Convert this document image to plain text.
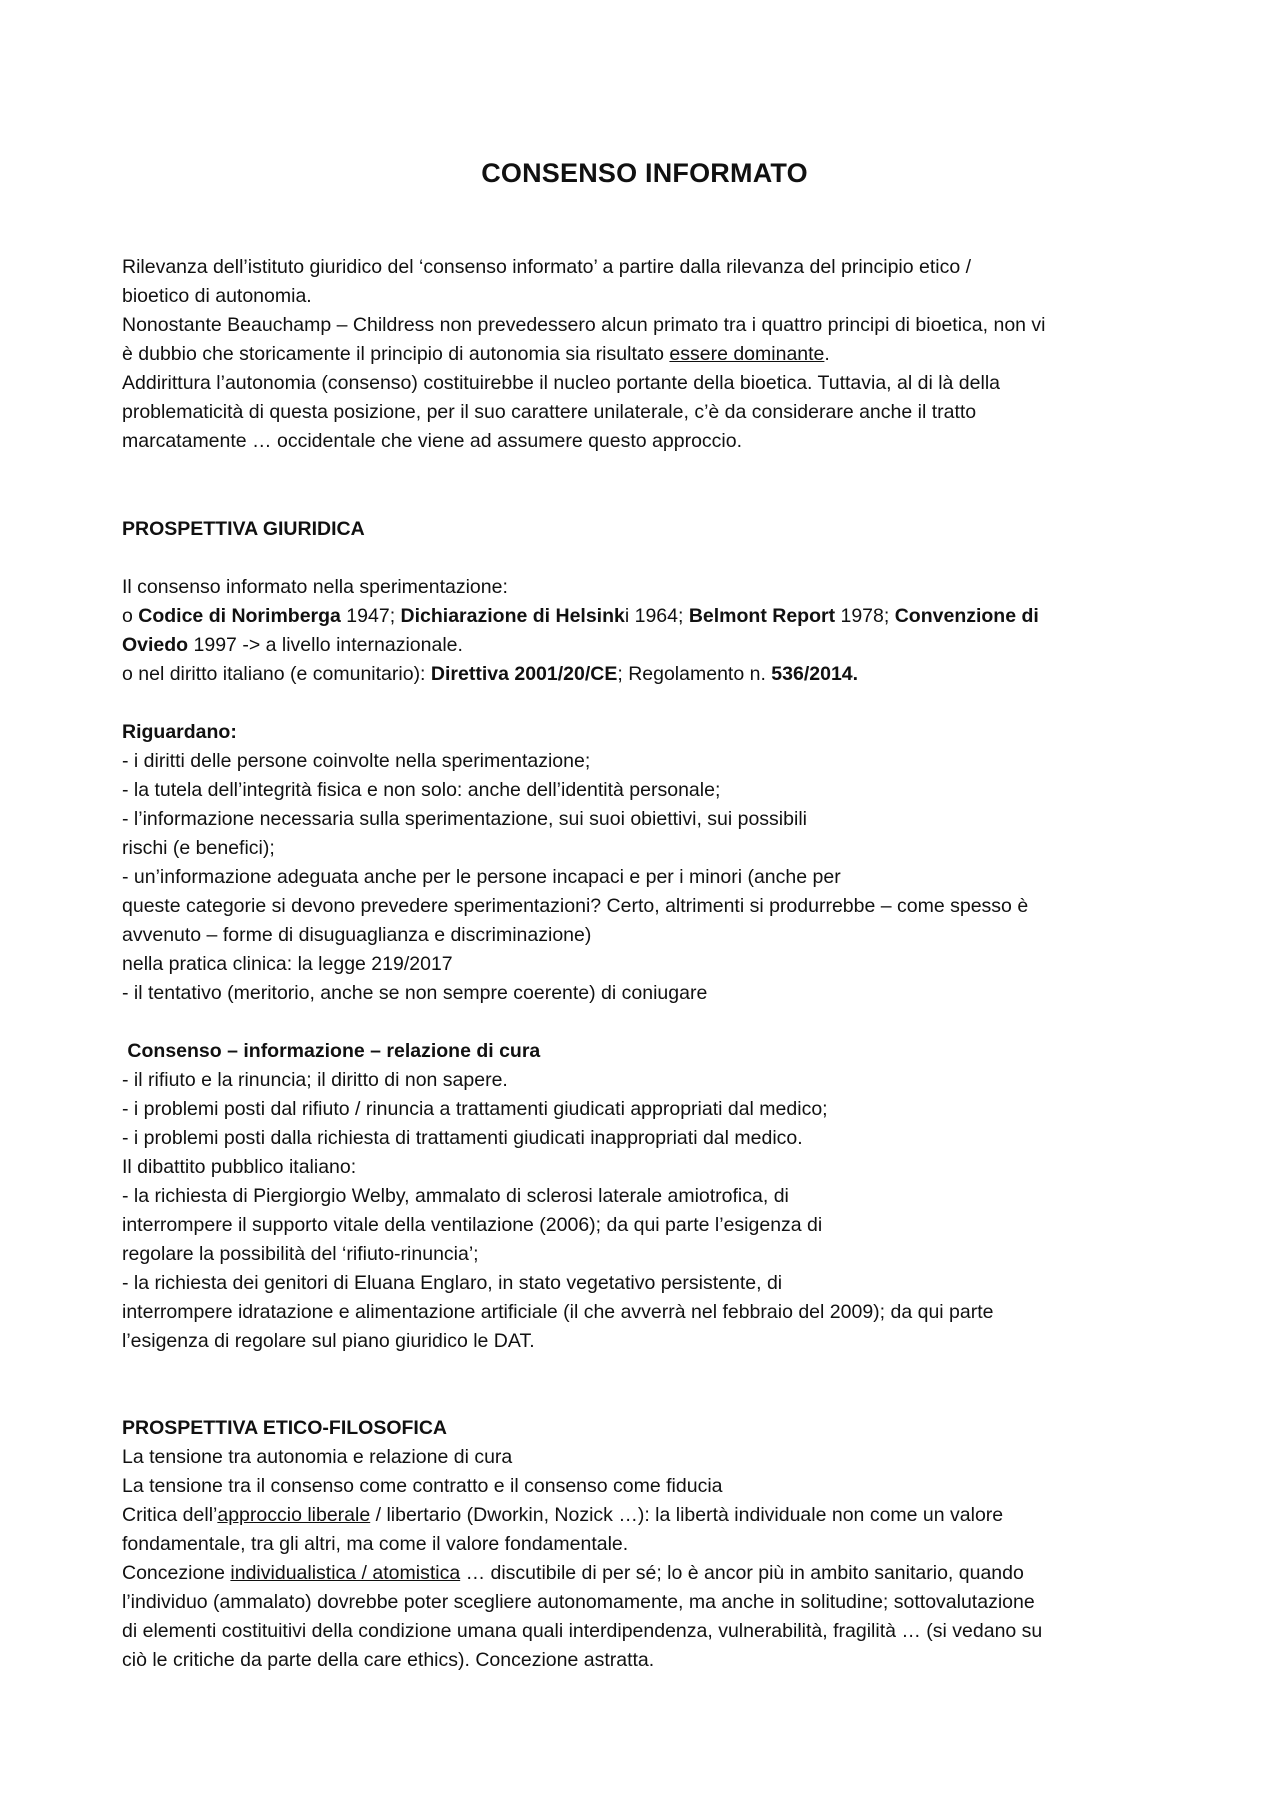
CONSENSO INFORMATO
Rilevanza dell’istituto giuridico del ‘consenso informato’ a partire dalla rilevanza del principio etico /
bioetico di autonomia.
Nonostante Beauchamp – Childress non prevedessero alcun primato tra i quattro principi di bioetica, non vi
è dubbio che storicamente il principio di autonomia sia risultato essere dominante.
Addirittura l’autonomia (consenso) costituirebbe il nucleo portante della bioetica. Tuttavia, al di là della
problematicità di questa posizione, per il suo carattere unilaterale, c’è da considerare anche il tratto
marcatamente … occidentale che viene ad assumere questo approccio.
PROSPETTIVA GIURIDICA
Il consenso informato nella sperimentazione:
o Codice di Norimberga 1947; Dichiarazione di Helsinki 1964; Belmont Report 1978; Convenzione di
Oviedo 1997 -> a livello internazionale.
o nel diritto italiano (e comunitario): Direttiva 2001/20/CE; Regolamento n. 536/2014.
Riguardano:
- i diritti delle persone coinvolte nella sperimentazione;
- la tutela dell’integrità fisica e non solo: anche dell’identità personale;
- l’informazione necessaria sulla sperimentazione, sui suoi obiettivi, sui possibili
rischi (e benefici);
- un’informazione adeguata anche per le persone incapaci e per i minori (anche per
queste categorie si devono prevedere sperimentazioni? Certo, altrimenti si produrrebbe – come spesso è
avvenuto – forme di disuguaglianza e discriminazione)
nella pratica clinica: la legge 219/2017
- il tentativo (meritorio, anche se non sempre coerente) di coniugare
Consenso – informazione – relazione di cura
- il rifiuto e la rinuncia; il diritto di non sapere.
- i problemi posti dal rifiuto / rinuncia a trattamenti giudicati appropriati dal medico;
- i problemi posti dalla richiesta di trattamenti giudicati inappropriati dal medico.
Il dibattito pubblico italiano:
- la richiesta di Piergiorgio Welby, ammalato di sclerosi laterale amiotrofica, di
interrompere il supporto vitale della ventilazione (2006); da qui parte l’esigenza di
regolare la possibilità del ‘rifiuto-rinuncia’;
- la richiesta dei genitori di Eluana Englaro, in stato vegetativo persistente, di
interrompere idratazione e alimentazione artificiale (il che avverrà nel febbraio del 2009); da qui parte
l’esigenza di regolare sul piano giuridico le DAT.
PROSPETTIVA ETICO-FILOSOFICA
La tensione tra autonomia e relazione di cura
La tensione tra il consenso come contratto e il consenso come fiducia
Critica dell’approccio liberale / libertario (Dworkin, Nozick …): la libertà individuale non come un valore
fondamentale, tra gli altri, ma come il valore fondamentale.
Concezione individualistica / atomistica … discutibile di per sé; lo è ancor più in ambito sanitario, quando
l’individuo (ammalato) dovrebbe poter scegliere autonomamente, ma anche in solitudine; sottovalutazione
di elementi costituitivi della condizione umana quali interdipendenza, vulnerabilità, fragilità … (si vedano su
ciò le critiche da parte della care ethics). Concezione astratta.
